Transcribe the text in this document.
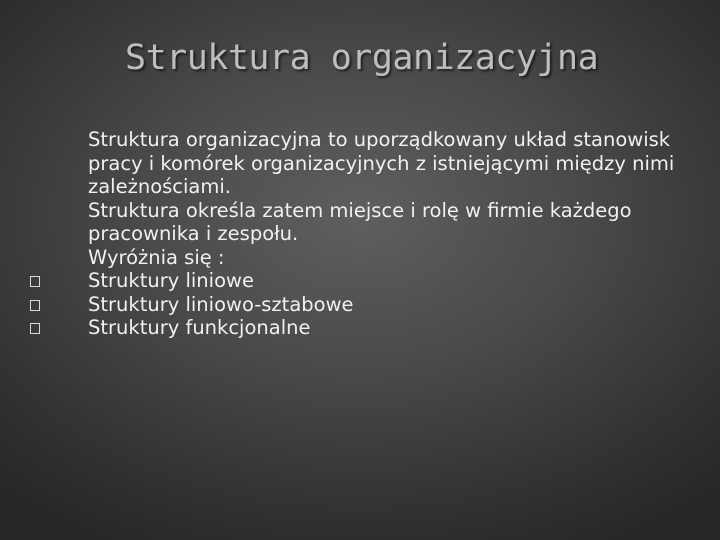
Struktura organizacyjna

Struktura organizacyjna to uporządkowany układ stanowisk pracy i komórek organizacyjnych z istniejącymi między nimi zależnościami.

Struktura określa zatem miejsce i rolę w firmie każdego pracownika i zespołu.

Wyróżnia się :

Struktury liniowe
Struktury liniowo-sztabowe
Struktury funkcjonalne
